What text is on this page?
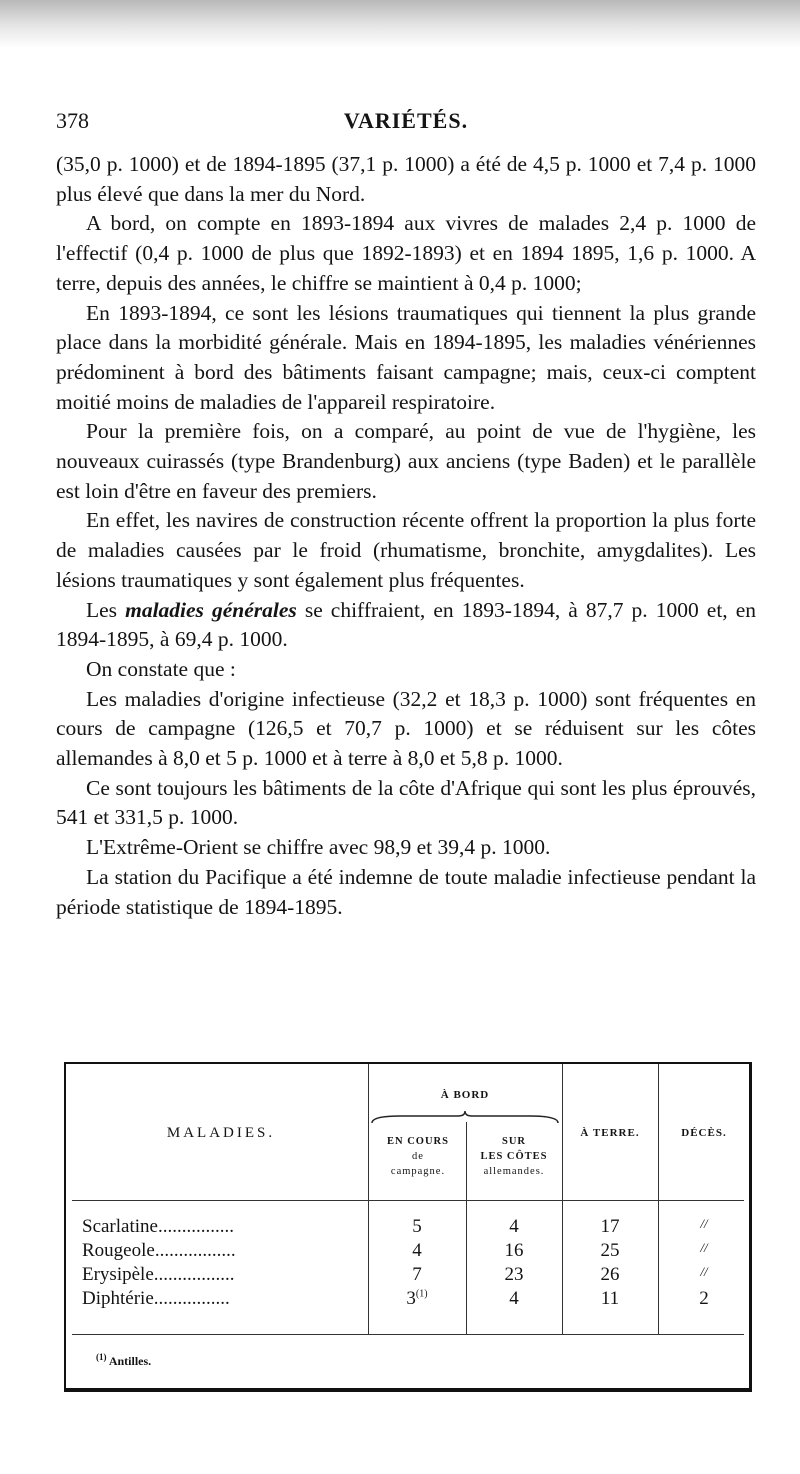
378	VARIÉTÉS.

(35,0 p. 1000) et de 1894-1895 (37,1 p. 1000) a été de 4,5 p. 1000 et 7,4 p. 1000 plus élevé que dans la mer du Nord.

A bord, on compte en 1893-1894 aux vivres de malades 2,4 p. 1000 de l'effectif (0,4 p. 1000 de plus que 1892-1893) et en 1894 1895, 1,6 p. 1000. A terre, depuis des années, le chiffre se maintient à 0,4 p. 1000;

En 1893-1894, ce sont les lésions traumatiques qui tiennent la plus grande place dans la morbidité générale. Mais en 1894-1895, les maladies vénériennes prédominent à bord des bâtiments faisant campagne; mais, ceux-ci comptent moitié moins de maladies de l'appareil respiratoire.

Pour la première fois, on a comparé, au point de vue de l'hygiène, les nouveaux cuirassés (type Brandenburg) aux anciens (type Baden) et le parallèle est loin d'être en faveur des premiers.

En effet, les navires de construction récente offrent la proportion la plus forte de maladies causées par le froid (rhumatisme, bronchite, amygdalites). Les lésions traumatiques y sont également plus fréquentes.

Les maladies générales se chiffraient, en 1893-1894, à 87,7 p. 1000 et, en 1894-1895, à 69,4 p. 1000.

On constate que :

Les maladies d'origine infectieuse (32,2 et 18,3 p. 1000) sont fréquentes en cours de campagne (126,5 et 70,7 p. 1000) et se réduisent sur les côtes allemandes à 8,0 et 5 p. 1000 et à terre à 8,0 et 5,8 p. 1000.

Ce sont toujours les bâtiments de la côte d'Afrique qui sont les plus éprouvés, 541 et 331,5 p. 1000.

L'Extrême-Orient se chiffre avec 98,9 et 39,4 p. 1000.

La station du Pacifique a été indemne de toute maladie infectieuse pendant la période statistique de 1894-1895.

MALADIES.
À BORD
EN COURS
de
campagne.
SUR
LES CÔTES
allemandes.
À TERRE.	DÉCÈS.
Scarlatine................	5	4	17	//
Rougeole.................	4	16	25	//
Erysipèle.................	7	23	26	//
Diphtérie................	3$^{(1)}$	4	11	2
$^{(1)}$ Antilles.
